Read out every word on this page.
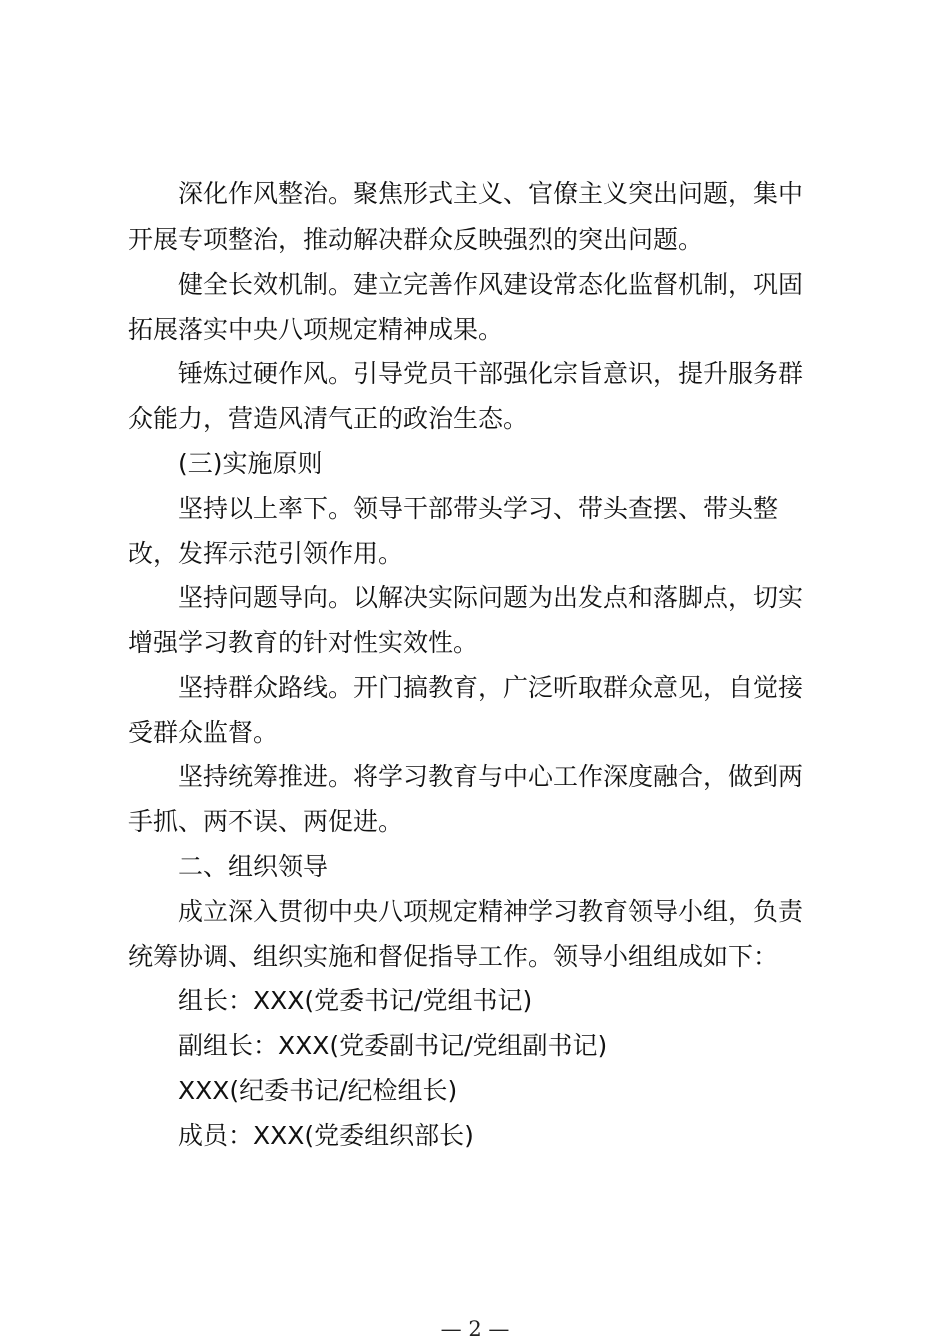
深化作风整治。聚焦形式主义、官僚主义突出问题，集中
开展专项整治，推动解决群众反映强烈的突出问题。
健全长效机制。建立完善作风建设常态化监督机制，巩固
拓展落实中央八项规定精神成果。
锤炼过硬作风。引导党员干部强化宗旨意识，提升服务群
众能力，营造风清气正的政治生态。
(三)实施原则
坚持以上率下。领导干部带头学习、带头查摆、带头整
改，发挥示范引领作用。
坚持问题导向。以解决实际问题为出发点和落脚点，切实
增强学习教育的针对性实效性。
坚持群众路线。开门搞教育，广泛听取群众意见，自觉接
受群众监督。
坚持统筹推进。将学习教育与中心工作深度融合，做到两
手抓、两不误、两促进。
二、组织领导
成立深入贯彻中央八项规定精神学习教育领导小组，负责
统筹协调、组织实施和督促指导工作。领导小组组成如下：
组长：XXX(党委书记/党组书记)
副组长：XXX(党委副书记/党组副书记)
XXX(纪委书记/纪检组长)
成员：XXX(党委组织部长)
— 2 —
